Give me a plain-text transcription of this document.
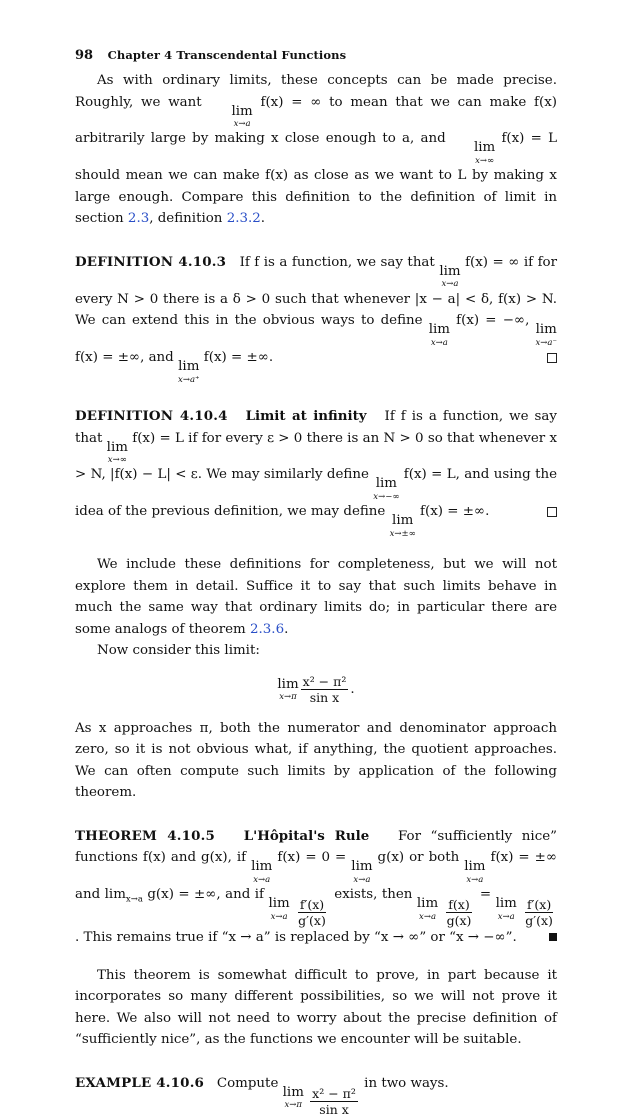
98 Chapter 4 Transcendental Functions

As with ordinary limits, these concepts can be made precise. Roughly, we want
lim
x→a
f(x) = ∞ to mean that we can make f(x) arbitrarily large by making x close enough to a, and
lim
x→∞
f(x) = L should mean we can make f(x) as close as we want to L by making x large enough. Compare this definition to the definition of limit in section 2.3, definition 2.3.2.

DEFINITION 4.10.3 If f is a function, we say that
lim
x→a
f(x) = ∞ if for every N > 0 there is a δ > 0 such that whenever |x − a| < δ, f(x) > N. We can extend this in the obvious ways to define
lim
x→a
f(x) = −∞,
lim
x→a⁻
f(x) = ±∞, and
lim
x→a⁺
f(x) = ±∞.

DEFINITION 4.10.4 Limit at infinity If f is a function, we say that
lim
x→∞
f(x) = L if for every ε > 0 there is an N > 0 so that whenever x > N, |f(x) − L| < ε. We may similarly define
lim
x→−∞
f(x) = L, and using the idea of the previous definition, we may define
lim
x→±∞
f(x) = ±∞.

We include these definitions for completeness, but we will not explore them in detail. Suffice it to say that such limits behave in much the same way that ordinary limits do; in particular there are some analogs of theorem 2.3.6.

Now consider this limit:

lim
$x\to\pi \frac{\text{x² − π²}}{\text{sin x}}$ .

As x approaches π, both the numerator and denominator approach zero, so it is not obvious what, if anything, the quotient approaches. We can often compute such limits by application of the following theorem.

THEOREM 4.10.5 L'Hôpital's Rule For “sufficiently nice” functions f(x) and g(x), if
lim
x→a
f(x) = 0 =
lim
x→a
g(x) or both
lim
x→a
f(x) = ±∞ and $\lim_{x\to a} g(x)$ = ±∞, and if
lim
x→a
$\frac{f'(x)}{g'(x)}$
exists, then
lim
x→a
$\frac{f(x)}{g(x)}$
=
lim
x→a
$\frac{f'(x)}{g'(x)}$
. This remains true if “x → a” is replaced by “x → ∞” or “x → −∞”.

This theorem is somewhat difficult to prove, in part because it incorporates so many different possibilities, so we will not prove it here. We also will not need to worry about the precise definition of “sufficiently nice”, as the functions we encounter will be suitable.

EXAMPLE 4.10.6 Compute
lim
x→π
$\frac{\text{x² − π²}}{\text{sin x}}$
in two ways.
